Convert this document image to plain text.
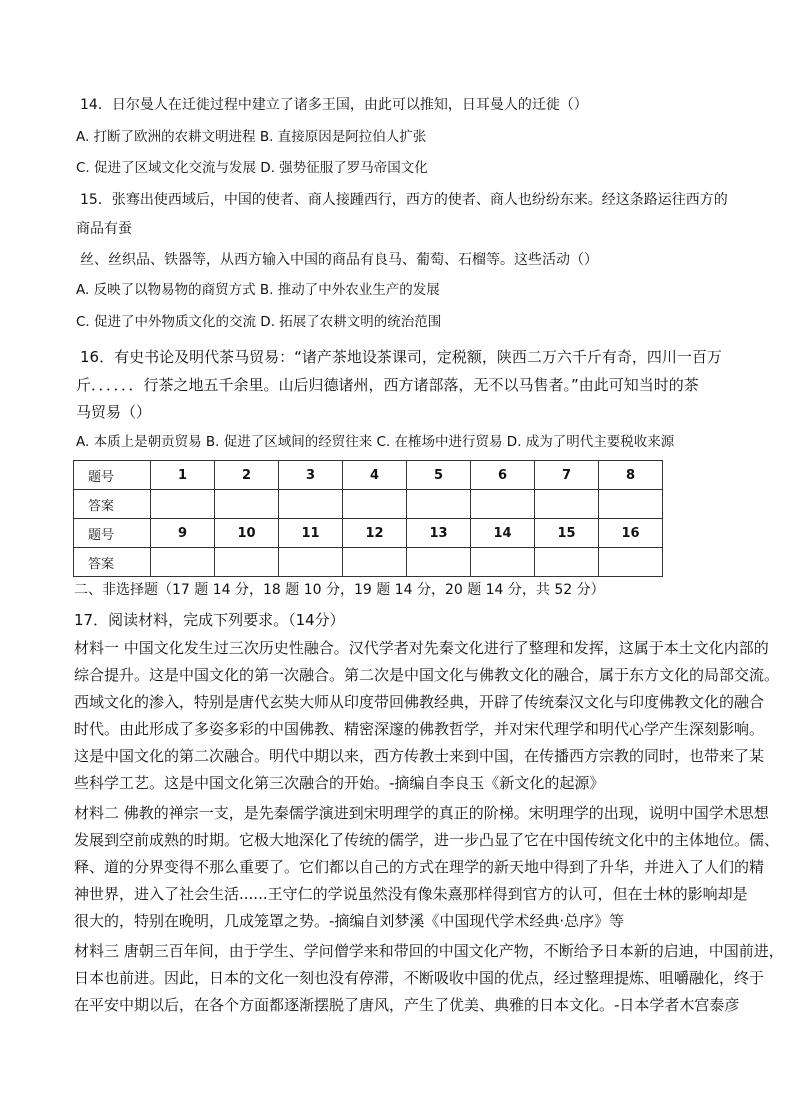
14．日尔曼人在迁徙过程中建立了诸多王国，由此可以推知，日耳曼人的迁徙（）
A. 打断了欧洲的农耕文明进程 B. 直接原因是阿拉伯人扩张
C. 促进了区域文化交流与发展 D. 强势征服了罗马帝国文化
15．张骞出使西域后，中国的使者、商人接踵西行，西方的使者、商人也纷纷东来。经这条路运往西方的
商品有蚕
丝、丝织品、铁器等，从西方输入中国的商品有良马、葡萄、石榴等。这些活动（）
A. 反映了以物易物的商贸方式 B. 推动了中外农业生产的发展
C. 促进了中外物质文化的交流 D. 拓展了农耕文明的统治范围
16．有史书论及明代茶马贸易：“诸产茶地设茶课司，定税额，陕西二万六千斤有奇，四川一百万
斤．．．．．．行茶之地五千余里。山后归德诸州，西方诸部落，无不以马售者。”由此可知当时的茶
马贸易（）
A. 本质上是朝贡贸易 B. 促进了区域间的经贸往来 C. 在榷场中进行贸易 D. 成为了明代主要税收来源
题号	1	2	3	4	5	6	7	8
答案								
题号	9	10	11	12	13	14	15	16
答案								
二、非选择题（17 题 14 分，18 题 10 分，19 题 14 分，20 题 14 分，共 52 分）
17．阅读材料，完成下列要求。（14分）
材料一 中国文化发生过三次历史性融合。汉代学者对先秦文化进行了整理和发挥，这属于本土文化内部的
综合提升。这是中国文化的第一次融合。第二次是中国文化与佛教文化的融合，属于东方文化的局部交流。
西域文化的渗入，特别是唐代玄奘大师从印度带回佛教经典，开辟了传统秦汉文化与印度佛教文化的融合
时代。由此形成了多姿多彩的中国佛教、精密深邃的佛教哲学，并对宋代理学和明代心学产生深刻影响。
这是中国文化的第二次融合。明代中期以来，西方传教士来到中国，在传播西方宗教的同时，也带来了某
些科学工艺。这是中国文化第三次融合的开始。-摘编自李良玉《新文化的起源》
材料二 佛教的禅宗一支，是先秦儒学演进到宋明理学的真正的阶梯。宋明理学的出现，说明中国学术思想
发展到空前成熟的时期。它极大地深化了传统的儒学，进一步凸显了它在中国传统文化中的主体地位。儒、
释、道的分界变得不那么重要了。它们都以自己的方式在理学的新天地中得到了升华，并进入了人们的精
神世界，进入了社会生活......王守仁的学说虽然没有像朱熹那样得到官方的认可，但在士林的影响却是
很大的，特别在晚明，几成笼罩之势。-摘编自刘梦溪《中国现代学术经典·总序》等
材料三 唐朝三百年间，由于学生、学问僧学来和带回的中国文化产物，不断给予日本新的启迪，中国前进，
日本也前进。因此，日本的文化一刻也没有停滞，不断吸收中国的优点，经过整理提炼、咀嚼融化，终于
在平安中期以后，在各个方面都逐渐摆脱了唐风，产生了优美、典雅的日本文化。-日本学者木宫泰彦
